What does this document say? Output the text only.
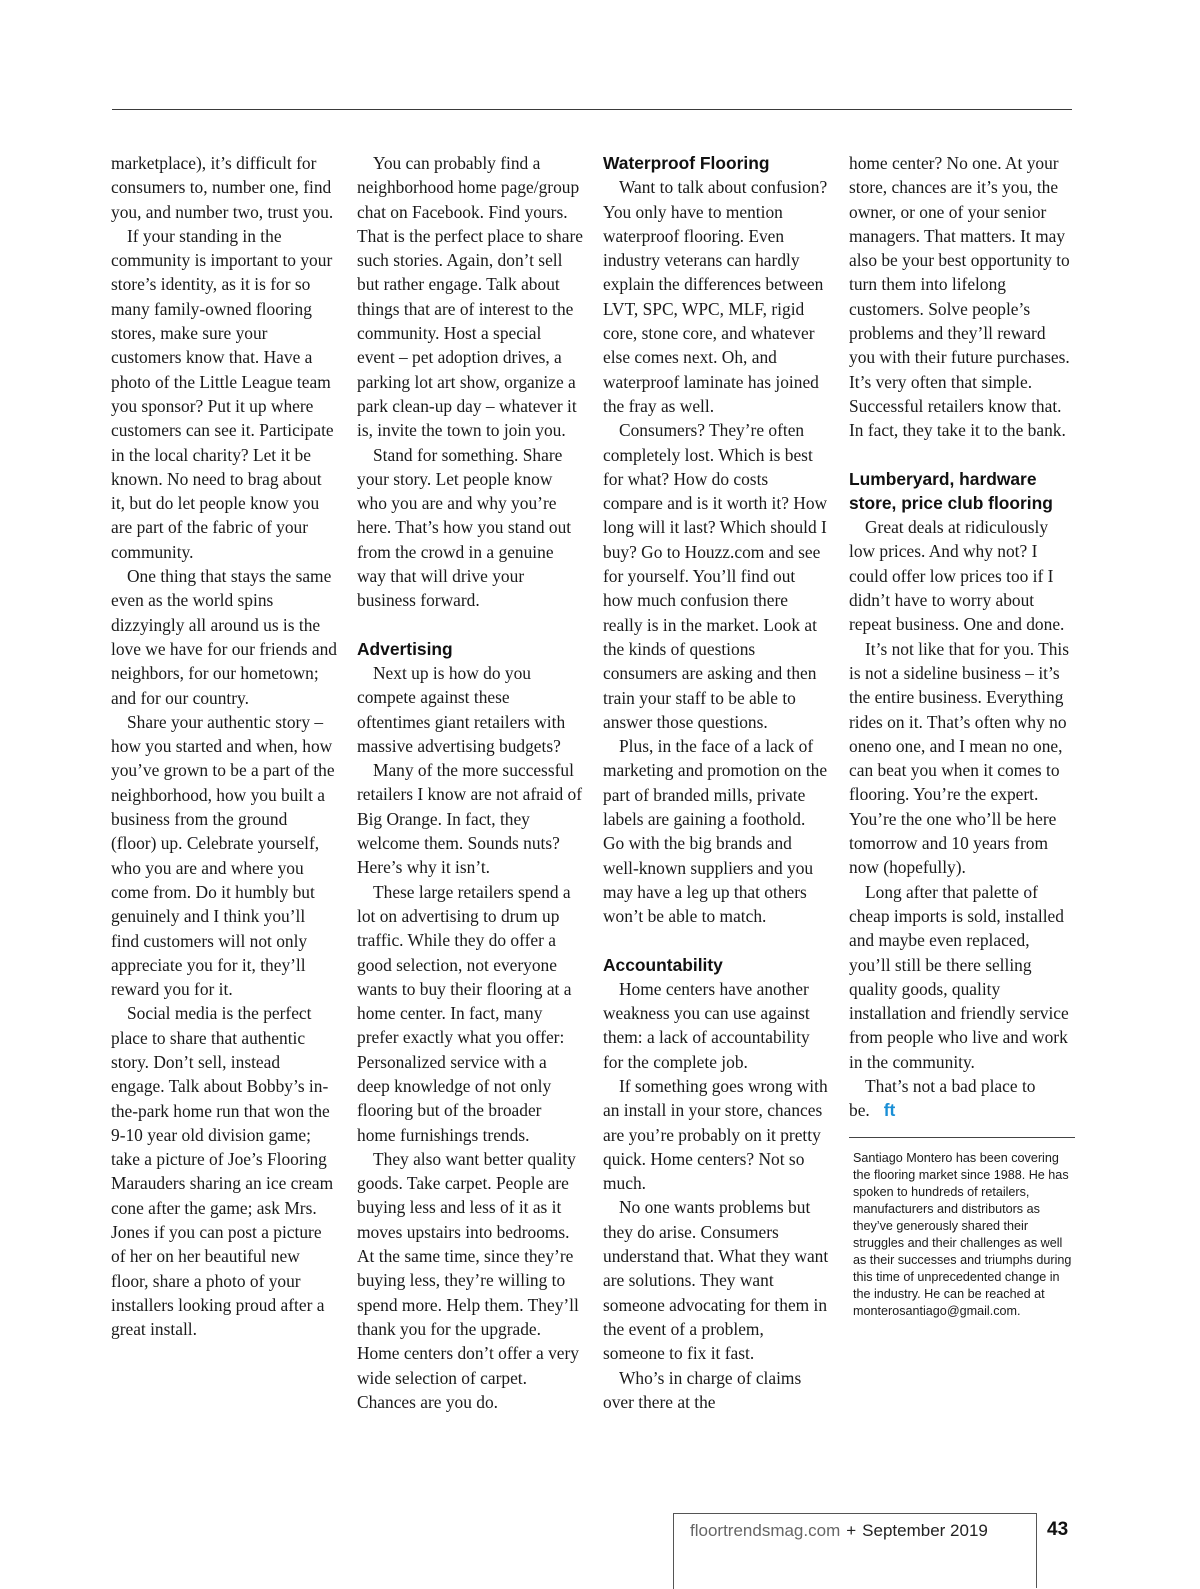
marketplace), it’s difficult for consumers to, number one, find you, and number two, trust you.

If your standing in the community is important to your store’s identity, as it is for so many family-owned flooring stores, make sure your customers know that. Have a photo of the Little League team you sponsor? Put it up where customers can see it. Participate in the local charity? Let it be known. No need to brag about it, but do let people know you are part of the fabric of your community.

One thing that stays the same even as the world spins dizzyingly all around us is the love we have for our friends and neighbors, for our hometown; and for our country.

Share your authentic story – how you started and when, how you’ve grown to be a part of the neighborhood, how you built a business from the ground (floor) up. Celebrate yourself, who you are and where you come from. Do it humbly but genuinely and I think you’ll find customers will not only appreciate you for it, they’ll reward you for it.

Social media is the perfect place to share that authentic story. Don’t sell, instead engage. Talk about Bobby’s in-the-park home run that won the 9-10 year old division game; take a picture of Joe’s Flooring Marauders sharing an ice cream cone after the game; ask Mrs. Jones if you can post a picture of her on her beautiful new floor, share a photo of your installers looking proud after a great install.

You can probably find a neighborhood home page/group chat on Facebook. Find yours. That is the perfect place to share such stories. Again, don’t sell but rather engage. Talk about things that are of interest to the community. Host a special event – pet adoption drives, a parking lot art show, organize a park clean-up day – whatever it is, invite the town to join you.

Stand for something. Share your story. Let people know who you are and why you’re here. That’s how you stand out from the crowd in a genuine way that will drive your business forward.

Advertising

Next up is how do you compete against these oftentimes giant retailers with massive advertising budgets?

Many of the more successful retailers I know are not afraid of Big Orange. In fact, they welcome them. Sounds nuts? Here’s why it isn’t.

These large retailers spend a lot on advertising to drum up traffic. While they do offer a good selection, not everyone wants to buy their flooring at a home center. In fact, many prefer exactly what you offer: Personalized service with a deep knowledge of not only flooring but of the broader home furnishings trends.

They also want better quality goods. Take carpet. People are buying less and less of it as it moves upstairs into bedrooms. At the same time, since they’re buying less, they’re willing to spend more. Help them. They’ll thank you for the upgrade. Home centers don’t offer a very wide selection of carpet. Chances are you do.

Waterproof Flooring

Want to talk about confusion? You only have to mention waterproof flooring. Even industry veterans can hardly explain the differences between LVT, SPC, WPC, MLF, rigid core, stone core, and whatever else comes next. Oh, and waterproof laminate has joined the fray as well.

Consumers? They’re often completely lost. Which is best for what? How do costs compare and is it worth it? How long will it last? Which should I buy? Go to Houzz.com and see for yourself. You’ll find out how much confusion there really is in the market. Look at the kinds of questions consumers are asking and then train your staff to be able to answer those questions.

Plus, in the face of a lack of marketing and promotion on the part of branded mills, private labels are gaining a foothold. Go with the big brands and well-known suppliers and you may have a leg up that others won’t be able to match.

Accountability

Home centers have another weakness you can use against them: a lack of accountability for the complete job.

If something goes wrong with an install in your store, chances are you’re probably on it pretty quick. Home centers? Not so much.

No one wants problems but they do arise. Consumers understand that. What they want are solutions. They want someone advocating for them in the event of a problem, someone to fix it fast.

Who’s in charge of claims over there at the

home center? No one. At your store, chances are it’s you, the owner, or one of your senior managers. That matters. It may also be your best opportunity to turn them into lifelong customers. Solve people’s problems and they’ll reward you with their future purchases. It’s very often that simple. Successful retailers know that. In fact, they take it to the bank.

Lumberyard, hardware store, price club flooring

Great deals at ridiculously low prices. And why not? I could offer low prices too if I didn’t have to worry about repeat business. One and done.

It’s not like that for you. This is not a sideline business – it’s the entire business. Everything rides on it. That’s often why no oneno one, and I mean no one, can beat you when it comes to flooring. You’re the expert. You’re the one who’ll be here tomorrow and 10 years from now (hopefully).

Long after that palette of cheap imports is sold, installed and maybe even replaced, you’ll still be there selling quality goods, quality installation and friendly service from people who live and work in the community.

That’s not a bad place to be. ft

Santiago Montero has been covering the flooring market since 1988. He has spoken to hundreds of retailers, manufacturers and distributors as they’ve generously shared their struggles and their challenges as well as their successes and triumphs during this time of unprecedented change in the industry. He can be reached at monterosantiago@gmail.com.
floortrendsmag.com + September 2019	43
